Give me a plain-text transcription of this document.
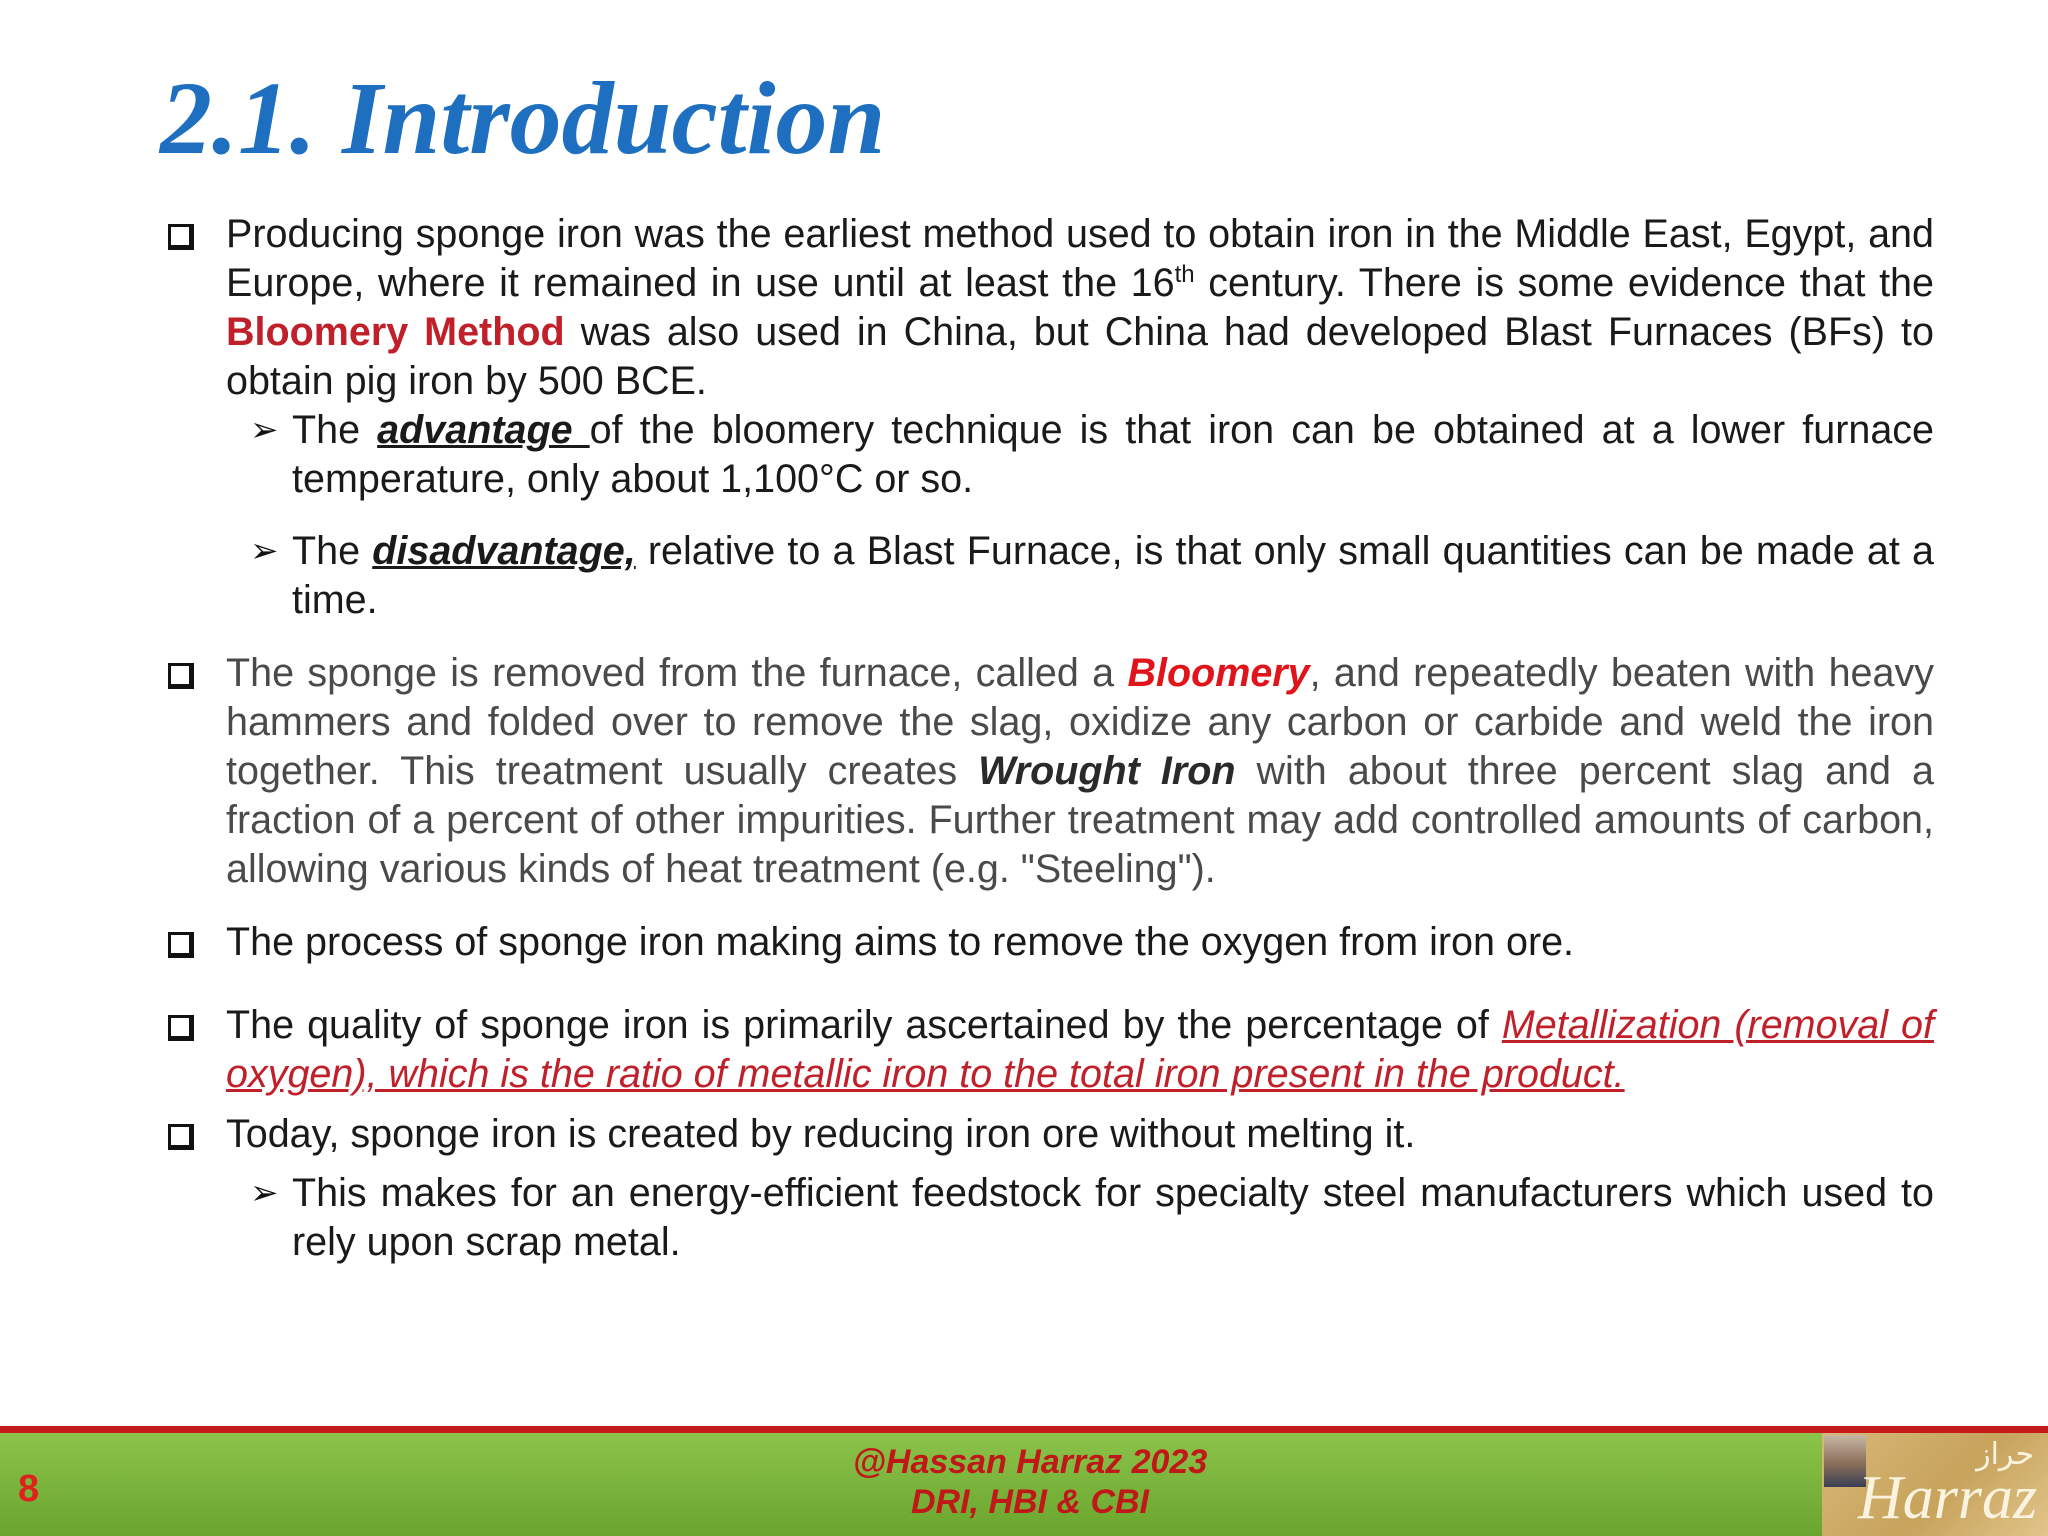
2.1. Introduction
Producing sponge iron was the earliest method used to obtain iron in the Middle East, Egypt, and Europe, where it remained in use until at least the 16th century. There is some evidence that the Bloomery Method was also used in China, but China had developed Blast Furnaces (BFs) to obtain pig iron by 500 BCE.
➢ The advantage of the bloomery technique is that iron can be obtained at a lower furnace temperature, only about 1,100°C or so.
➢ The disadvantage, relative to a Blast Furnace, is that only small quantities can be made at a time.
The sponge is removed from the furnace, called a Bloomery, and repeatedly beaten with heavy hammers and folded over to remove the slag, oxidize any carbon or carbide and weld the iron together. This treatment usually creates Wrought Iron with about three percent slag and a fraction of a percent of other impurities. Further treatment may add controlled amounts of carbon, allowing various kinds of heat treatment (e.g. "Steeling").
The process of sponge iron making aims to remove the oxygen from iron ore.
The quality of sponge iron is primarily ascertained by the percentage of Metallization (removal of oxygen), which is the ratio of metallic iron to the total iron present in the product.
Today, sponge iron is created by reducing iron ore without melting it.
➢ This makes for an energy-efficient feedstock for specialty steel manufacturers which used to rely upon scrap metal.
8
@Hassan Harraz 2023
DRI, HBI & CBI
حراز
Harraz
